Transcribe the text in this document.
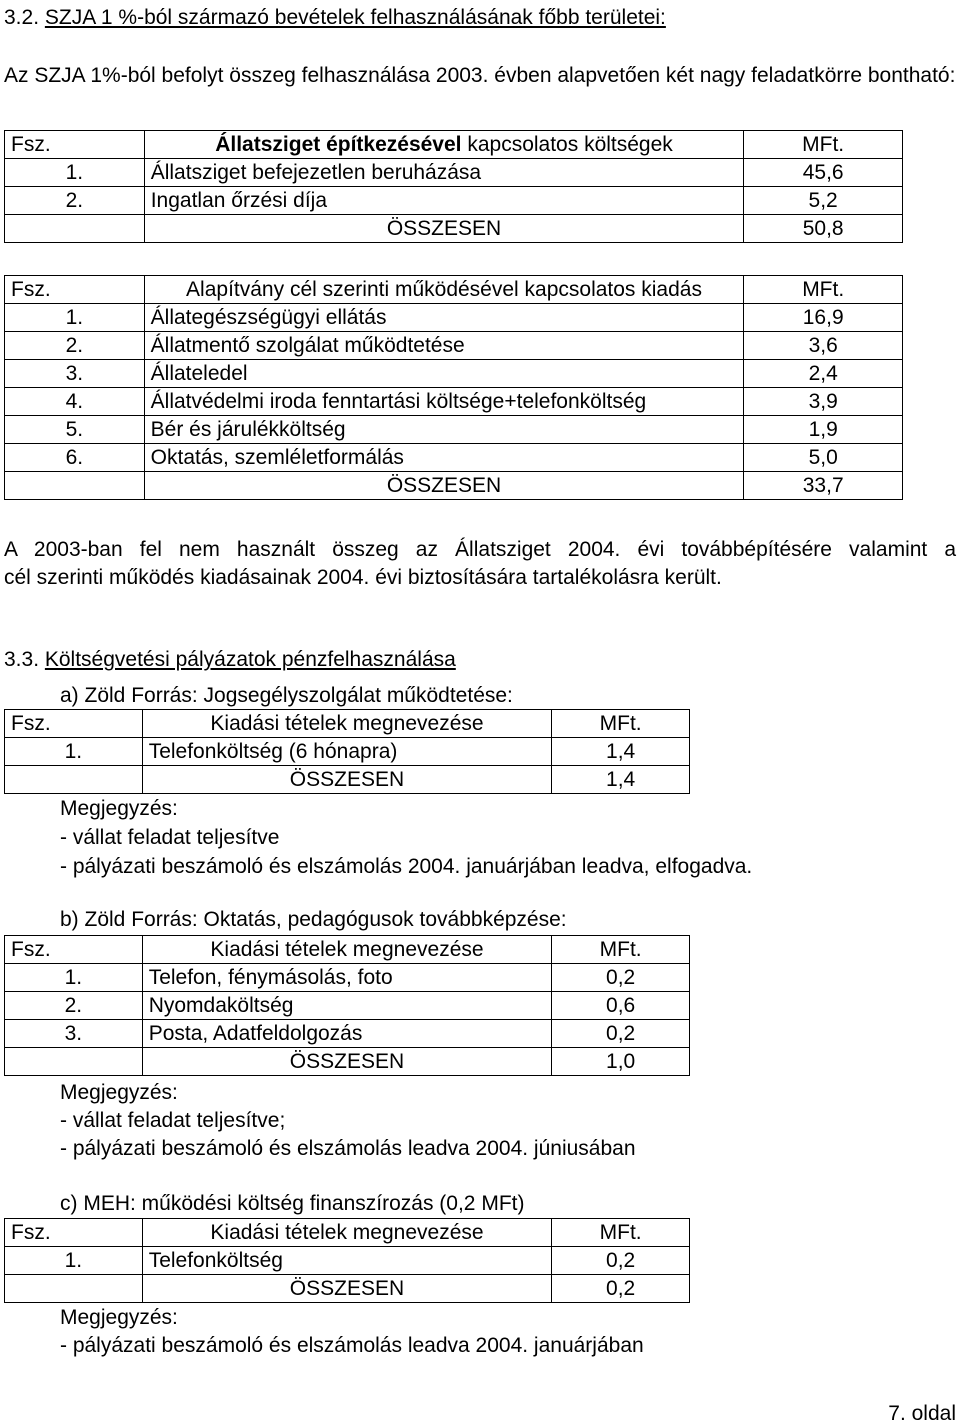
3.2. SZJA 1 %-ból származó bevételek felhasználásának főbb területei:
Az SZJA 1%-ból befolyt összeg felhasználása 2003. évben alapvetően két nagy feladatkörre bontható:
Fsz.	Állatsziget építkezésével kapcsolatos költségek	MFt.
1.	Állatsziget befejezetlen beruházása	45,6
2.	Ingatlan őrzési díja	5,2
	ÖSSZESEN	50,8
Fsz.	Alapítvány cél szerinti működésével kapcsolatos kiadás	MFt.
1.	Állategészségügyi ellátás	16,9
2.	Állatmentő szolgálat működtetése	3,6
3.	Állateledel	2,4
4.	Állatvédelmi iroda fenntartási költsége+telefonköltség	3,9
5.	Bér és járulékköltség	1,9
6.	Oktatás, szemléletformálás	5,0
	ÖSSZESEN	33,7
A 2003-ban fel nem használt összeg az Állatsziget 2004. évi továbbépítésére valamint a
cél szerinti működés kiadásainak 2004. évi biztosítására tartalékolásra került.
3.3. Költségvetési pályázatok pénzfelhasználása
a) Zöld Forrás: Jogsegélyszolgálat működtetése:
Fsz.	Kiadási tételek megnevezése	MFt.
1.	Telefonköltség (6 hónapra)	1,4
	ÖSSZESEN	1,4
Megjegyzés:
- vállat feladat teljesítve
- pályázati beszámoló és elszámolás 2004. januárjában leadva, elfogadva.
b) Zöld Forrás: Oktatás, pedagógusok továbbképzése:
Fsz.	Kiadási tételek megnevezése	MFt.
1.	Telefon, fénymásolás, foto	0,2
2.	Nyomdaköltség	0,6
3.	Posta, Adatfeldolgozás	0,2
	ÖSSZESEN	1,0
Megjegyzés:
- vállat feladat teljesítve;
- pályázati beszámoló és elszámolás leadva 2004. júniusában
c) MEH: működési költség finanszírozás (0,2 MFt)
Fsz.	Kiadási tételek megnevezése	MFt.
1.	Telefonköltség	0,2
	ÖSSZESEN	0,2
Megjegyzés:
- pályázati beszámoló és elszámolás leadva 2004. januárjában
7. oldal
